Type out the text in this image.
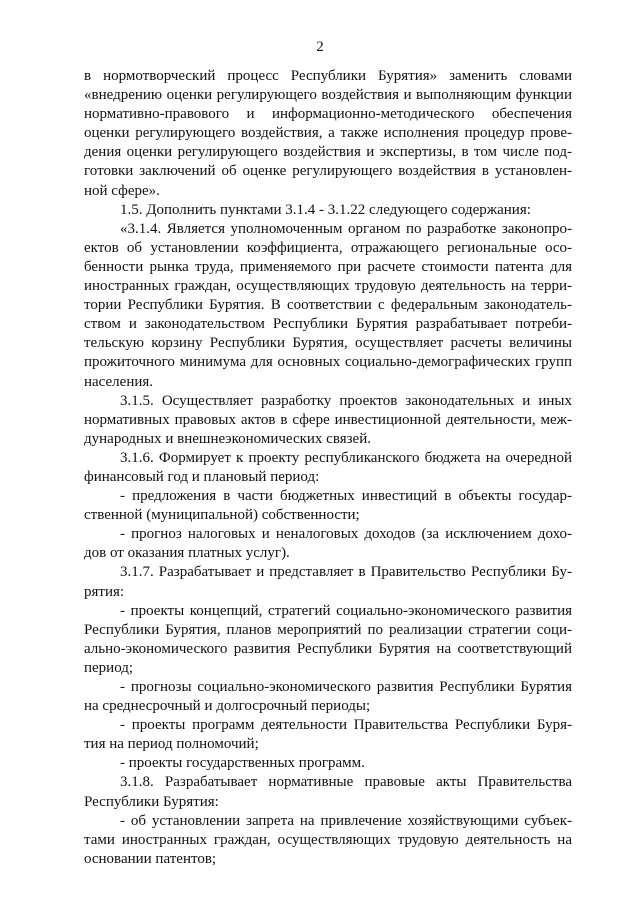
2
в нормотворческий процесс Республики Бурятия» заменить словами
«внедрению оценки регулирующего воздействия и выполняющим функции
нормативно-правового и информационно-методического обеспечения
оценки регулирующего воздействия, а также исполнения процедур прове-
дения оценки регулирующего воздействия и экспертизы, в том числе под-
готовки заключений об оценке регулирующего воздействия в установлен-
ной сфере».
1.5. Дополнить пунктами 3.1.4 - 3.1.22 следующего содержания:
«3.1.4. Является уполномоченным органом по разработке законопро-
ектов об установлении коэффициента, отражающего региональные осо-
бенности рынка труда, применяемого при расчете стоимости патента для
иностранных граждан, осуществляющих трудовую деятельность на терри-
тории Республики Бурятия. В соответствии с федеральным законодатель-
ством и законодательством Республики Бурятия разрабатывает потреби-
тельскую корзину Республики Бурятия, осуществляет расчеты величины
прожиточного минимума для основных социально-демографических групп
населения.
3.1.5. Осуществляет разработку проектов законодательных и иных
нормативных правовых актов в сфере инвестиционной деятельности, меж-
дународных и внешнеэкономических связей.
3.1.6. Формирует к проекту республиканского бюджета на очередной
финансовый год и плановый период:
- предложения в части бюджетных инвестиций в объекты государ-
ственной (муниципальной) собственности;
- прогноз налоговых и неналоговых доходов (за исключением дохо-
дов от оказания платных услуг).
3.1.7. Разрабатывает и представляет в Правительство Республики Бу-
рятия:
- проекты концепций, стратегий социально-экономического развития
Республики Бурятия, планов мероприятий по реализации стратегии соци-
ально-экономического развития Республики Бурятия на соответствующий
период;
- прогнозы социально-экономического развития Республики Бурятия
на среднесрочный и долгосрочный периоды;
- проекты программ деятельности Правительства Республики Буря-
тия на период полномочий;
- проекты государственных программ.
3.1.8. Разрабатывает нормативные правовые акты Правительства
Республики Бурятия:
- об установлении запрета на привлечение хозяйствующими субъек-
тами иностранных граждан, осуществляющих трудовую деятельность на
основании патентов;
